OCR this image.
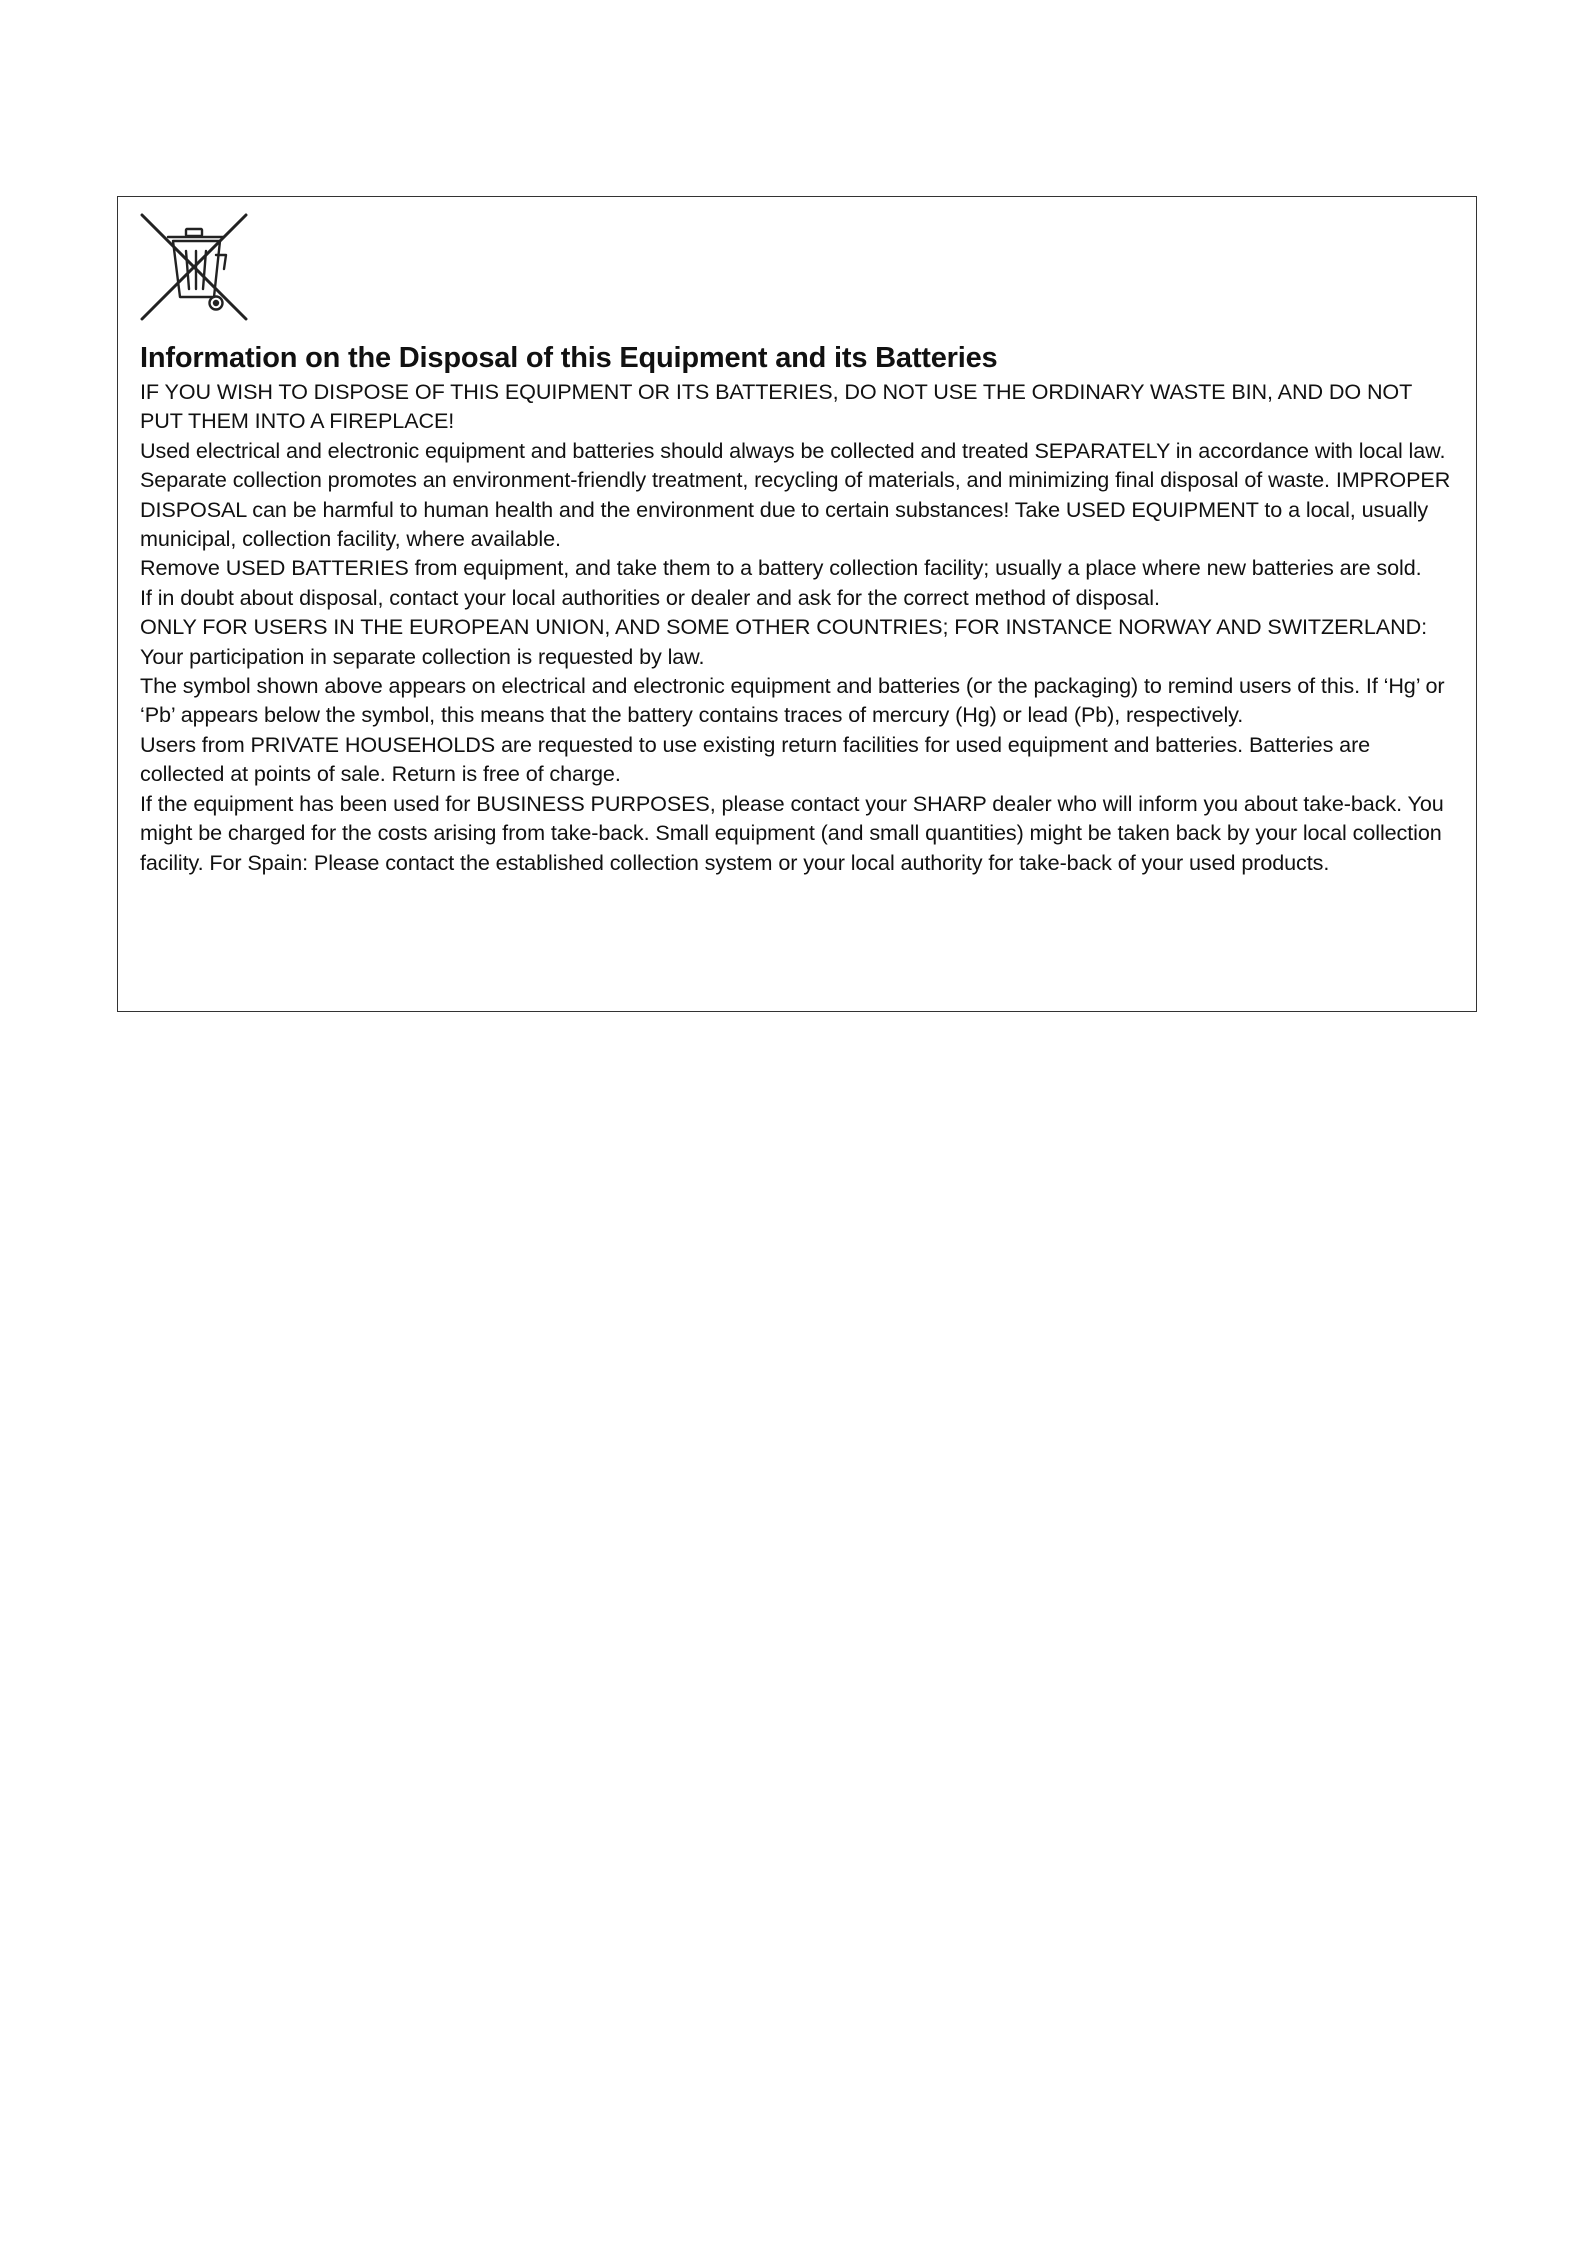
Information on the Disposal of this Equipment and its Batteries

IF YOU WISH TO DISPOSE OF THIS EQUIPMENT OR ITS BATTERIES, DO NOT USE THE ORDINARY WASTE BIN, AND DO NOT PUT THEM INTO A FIREPLACE!

Used electrical and electronic equipment and batteries should always be collected and treated SEPARATELY in accordance with local law.

Separate collection promotes an environment-friendly treatment, recycling of materials, and minimizing final disposal of waste. IMPROPER DISPOSAL can be harmful to human health and the environment due to certain substances! Take USED EQUIPMENT to a local, usually municipal, collection facility, where available.

Remove USED BATTERIES from equipment, and take them to a battery collection facility; usually a place where new batteries are sold.

If in doubt about disposal, contact your local authorities or dealer and ask for the correct method of disposal.

ONLY FOR USERS IN THE EUROPEAN UNION, AND SOME OTHER COUNTRIES; FOR INSTANCE NORWAY AND SWITZERLAND: Your participation in separate collection is requested by law.

The symbol shown above appears on electrical and electronic equipment and batteries (or the packaging) to remind users of this. If ‘Hg’ or ‘Pb’ appears below the symbol, this means that the battery contains traces of mercury (Hg) or lead (Pb), respectively.

Users from PRIVATE HOUSEHOLDS are requested to use existing return facilities for used equipment and batteries. Batteries are collected at points of sale. Return is free of charge.

If the equipment has been used for BUSINESS PURPOSES, please contact your SHARP dealer who will inform you about take-back. You might be charged for the costs arising from take-back. Small equipment (and small quantities) might be taken back by your local collection facility. For Spain: Please contact the established collection system or your local authority for take-back of your used products.
